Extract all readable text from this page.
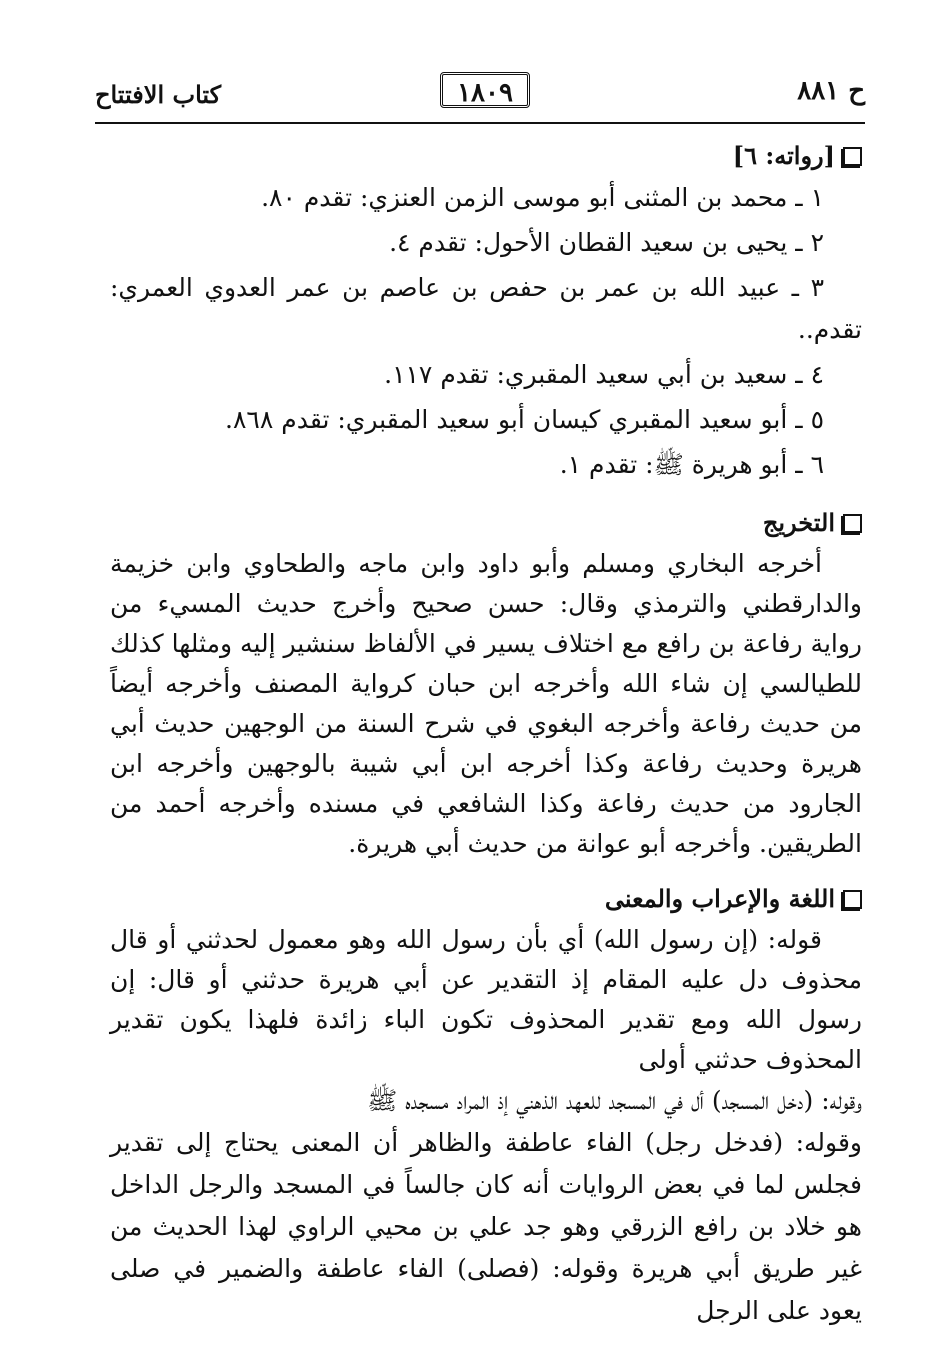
ح ٨٨١
١٨٠٩
كتاب الافتتاح
[رواته: ٦]
١ ـ محمد بن المثنى أبو موسى الزمن العنزي: تقدم ٨٠.
٢ ـ يحيى بن سعيد القطان الأحول: تقدم ٤.
٣ ـ عبيد الله بن عمر بن حفص بن عاصم بن عمر العدوي العمري: تقدم..
٤ ـ سعيد بن أبي سعيد المقبري: تقدم ١١٧.
٥ ـ أبو سعيد المقبري كيسان أبو سعيد المقبري: تقدم ٨٦٨.
٦ ـ أبو هريرة ﷺ: تقدم ١.
التخريج

أخرجه البخاري ومسلم وأبو داود وابن ماجه والطحاوي وابن خزيمة والدارقطني والترمذي وقال: حسن صحيح وأخرج حديث المسيء من رواية رفاعة بن رافع مع اختلاف يسير في الألفاظ سنشير إليه ومثلها كذلك للطيالسي إن شاء الله وأخرجه ابن حبان كرواية المصنف وأخرجه أيضاً من حديث رفاعة وأخرجه البغوي في شرح السنة من الوجهين حديث أبي هريرة وحديث رفاعة وكذا أخرجه ابن أبي شيبة بالوجهين وأخرجه ابن الجارود من حديث رفاعة وكذا الشافعي في مسنده وأخرجه أحمد من الطريقين. وأخرجه أبو عوانة من حديث أبي هريرة.

اللغة والإعراب والمعنى

قوله: (إن رسول الله) أي بأن رسول الله وهو معمول لحدثني أو قال محذوف دل عليه المقام إذ التقدير عن أبي هريرة حدثني أو قال: إن رسول الله ومع تقدير المحذوف تكون الباء زائدة فلهذا يكون تقدير المحذوف حدثني أولى

وقوله: (دخل المسجد) أل في المسجد للعهد الذهني إذ المراد مسجده ﷺ

وقوله: (فدخل رجل) الفاء عاطفة والظاهر أن المعنى يحتاج إلى تقدير فجلس لما في بعض الروايات أنه كان جالساً في المسجد والرجل الداخل هو خلاد بن رافع الزرقي وهو جد علي بن محيي الراوي لهذا الحديث من غير طريق أبي هريرة وقوله: (فصلى) الفاء عاطفة والضمير في صلى يعود على الرجل
